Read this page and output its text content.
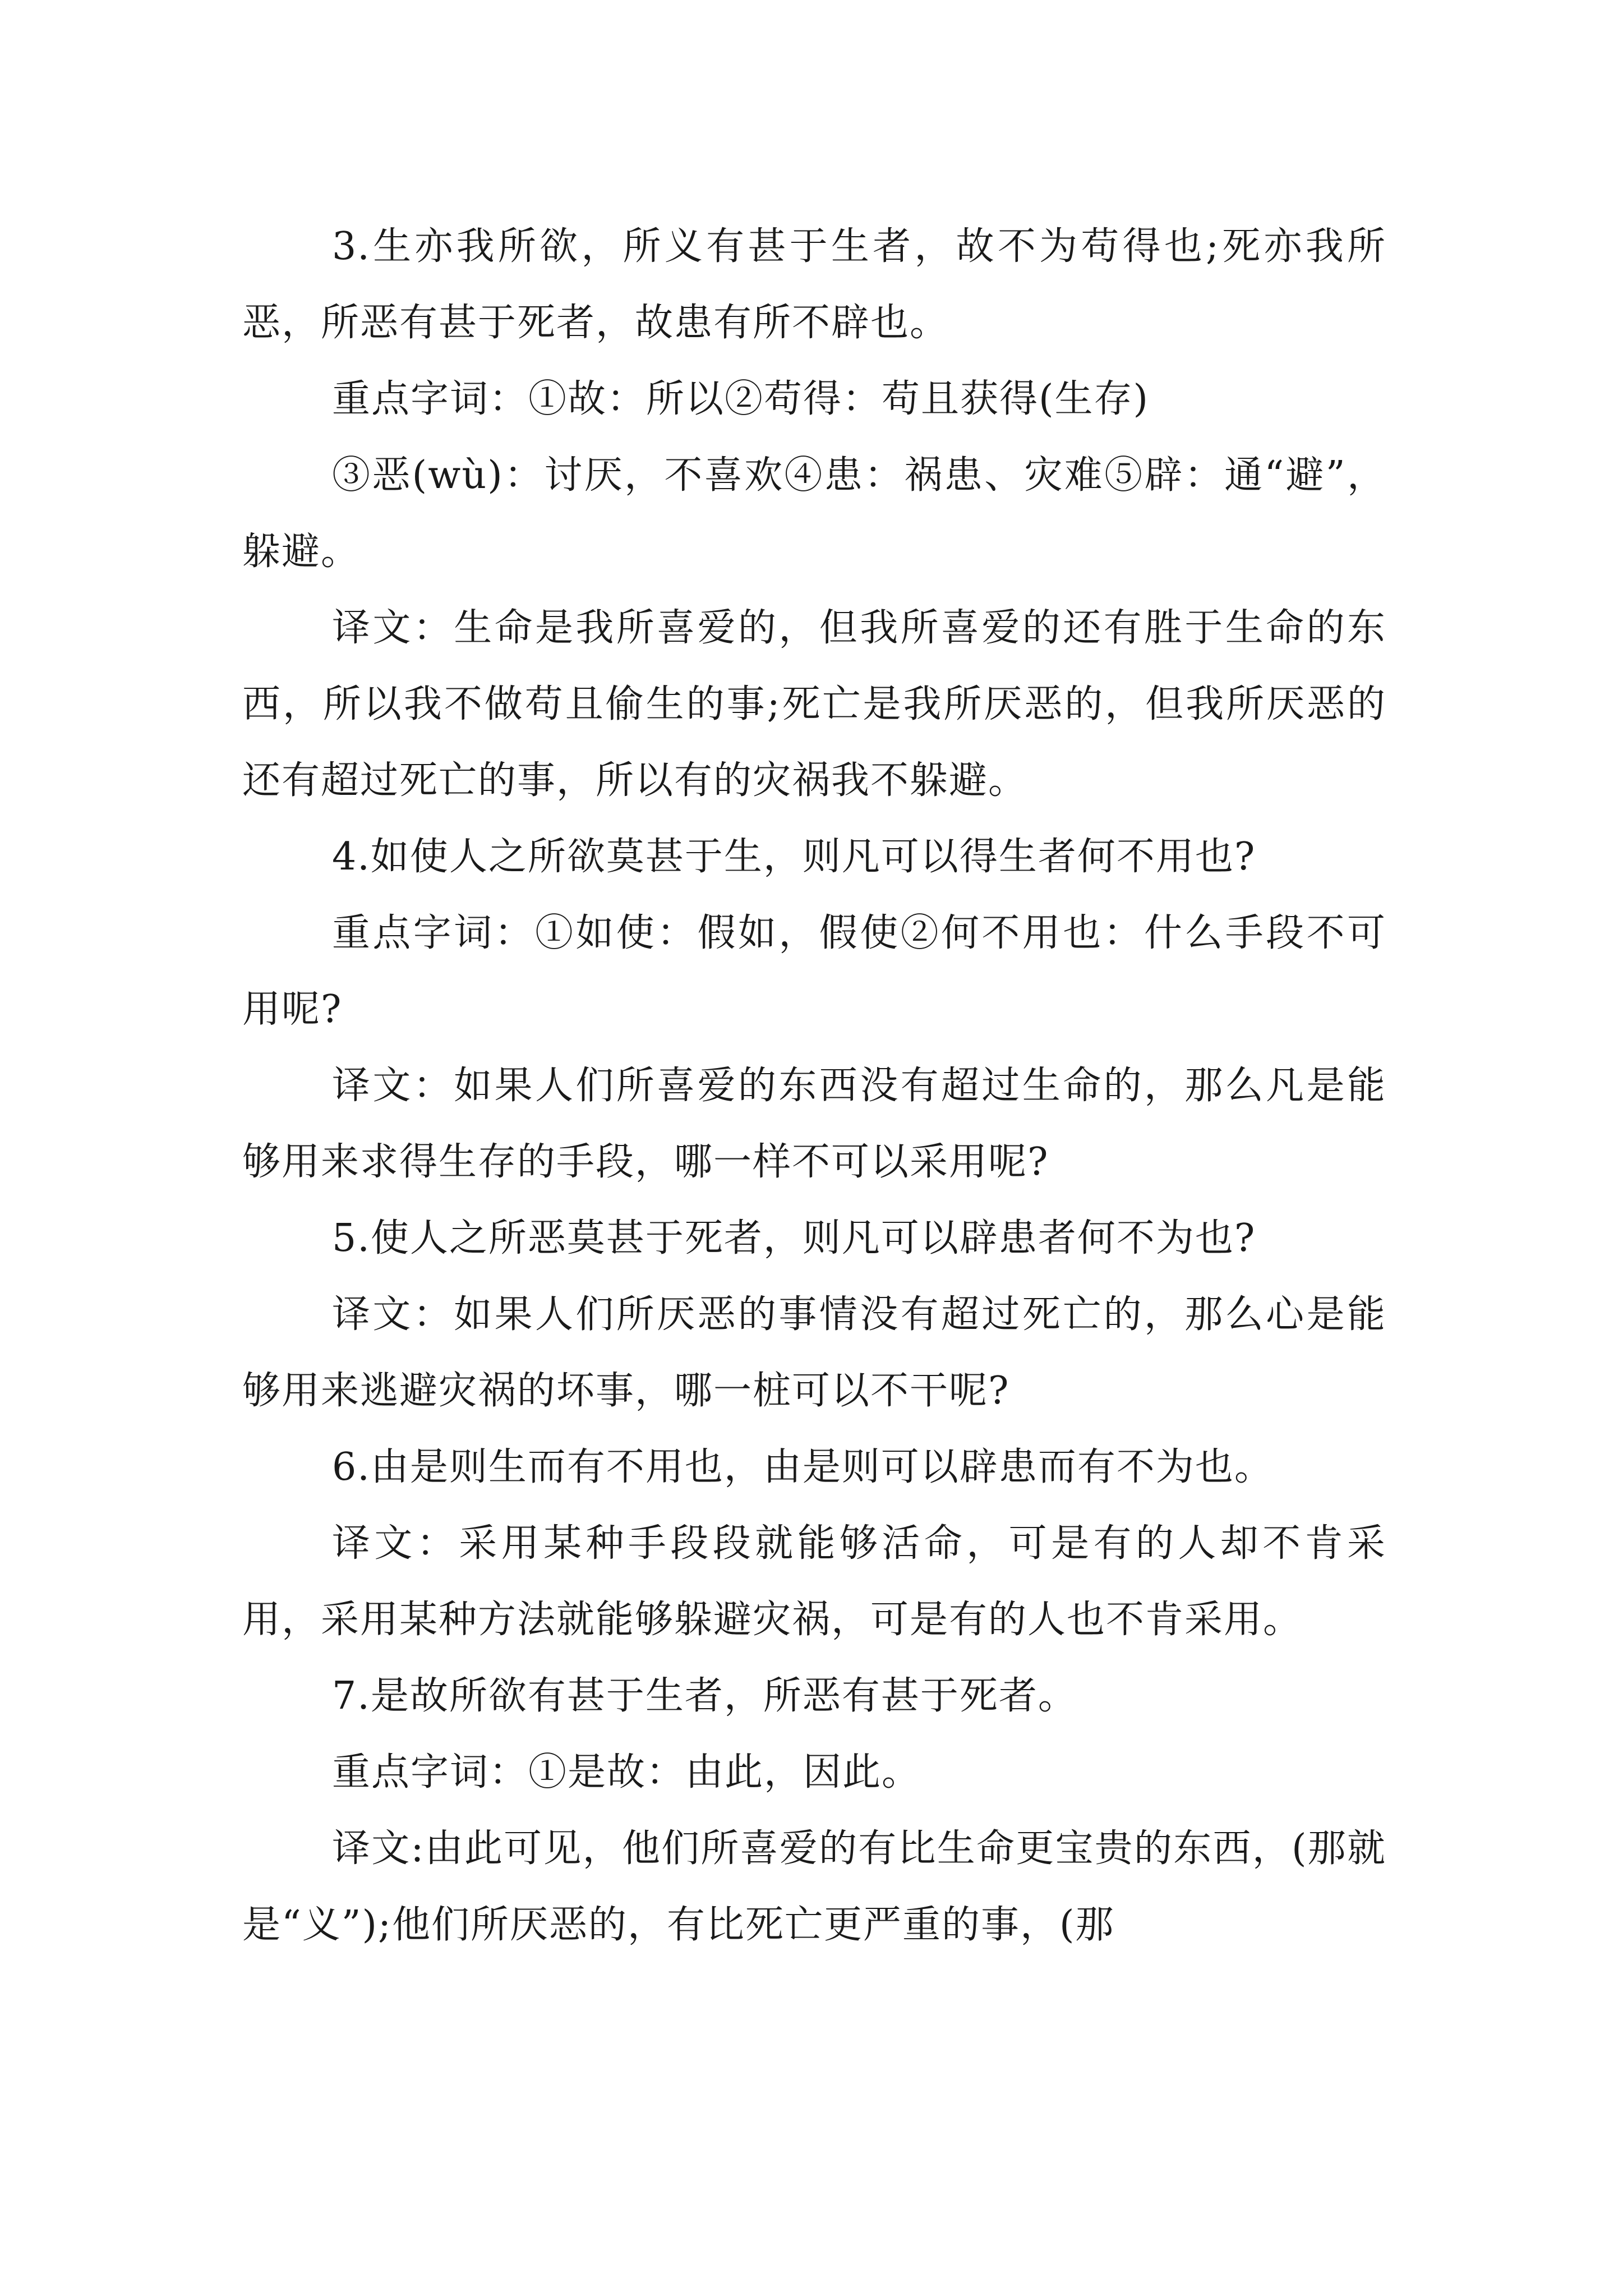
3.生亦我所欲，所义有甚于生者，故不为苟得也;死亦我所恶，所恶有甚于死者，故患有所不辟也。

重点字词：①故：所以②苟得：苟且获得(生存)

③恶(wù)：讨厌，不喜欢④患：祸患、灾难⑤辟：通“避”，躲避。

译文：生命是我所喜爱的，但我所喜爱的还有胜于生命的东西，所以我不做苟且偷生的事;死亡是我所厌恶的，但我所厌恶的还有超过死亡的事，所以有的灾祸我不躲避。

4.如使人之所欲莫甚于生，则凡可以得生者何不用也?

重点字词：①如使：假如，假使②何不用也：什么手段不可用呢?

译文：如果人们所喜爱的东西没有超过生命的，那么凡是能够用来求得生存的手段，哪一样不可以采用呢?

5.使人之所恶莫甚于死者，则凡可以辟患者何不为也?

译文：如果人们所厌恶的事情没有超过死亡的，那么心是能够用来逃避灾祸的坏事，哪一桩可以不干呢?

6.由是则生而有不用也，由是则可以辟患而有不为也。

译文：采用某种手段段就能够活命，可是有的人却不肯采用，采用某种方法就能够躲避灾祸，可是有的人也不肯采用。

7.是故所欲有甚于生者，所恶有甚于死者。

重点字词：①是故：由此，因此。

译文:由此可见，他们所喜爱的有比生命更宝贵的东西，(那就是“义”);他们所厌恶的，有比死亡更严重的事，(那
